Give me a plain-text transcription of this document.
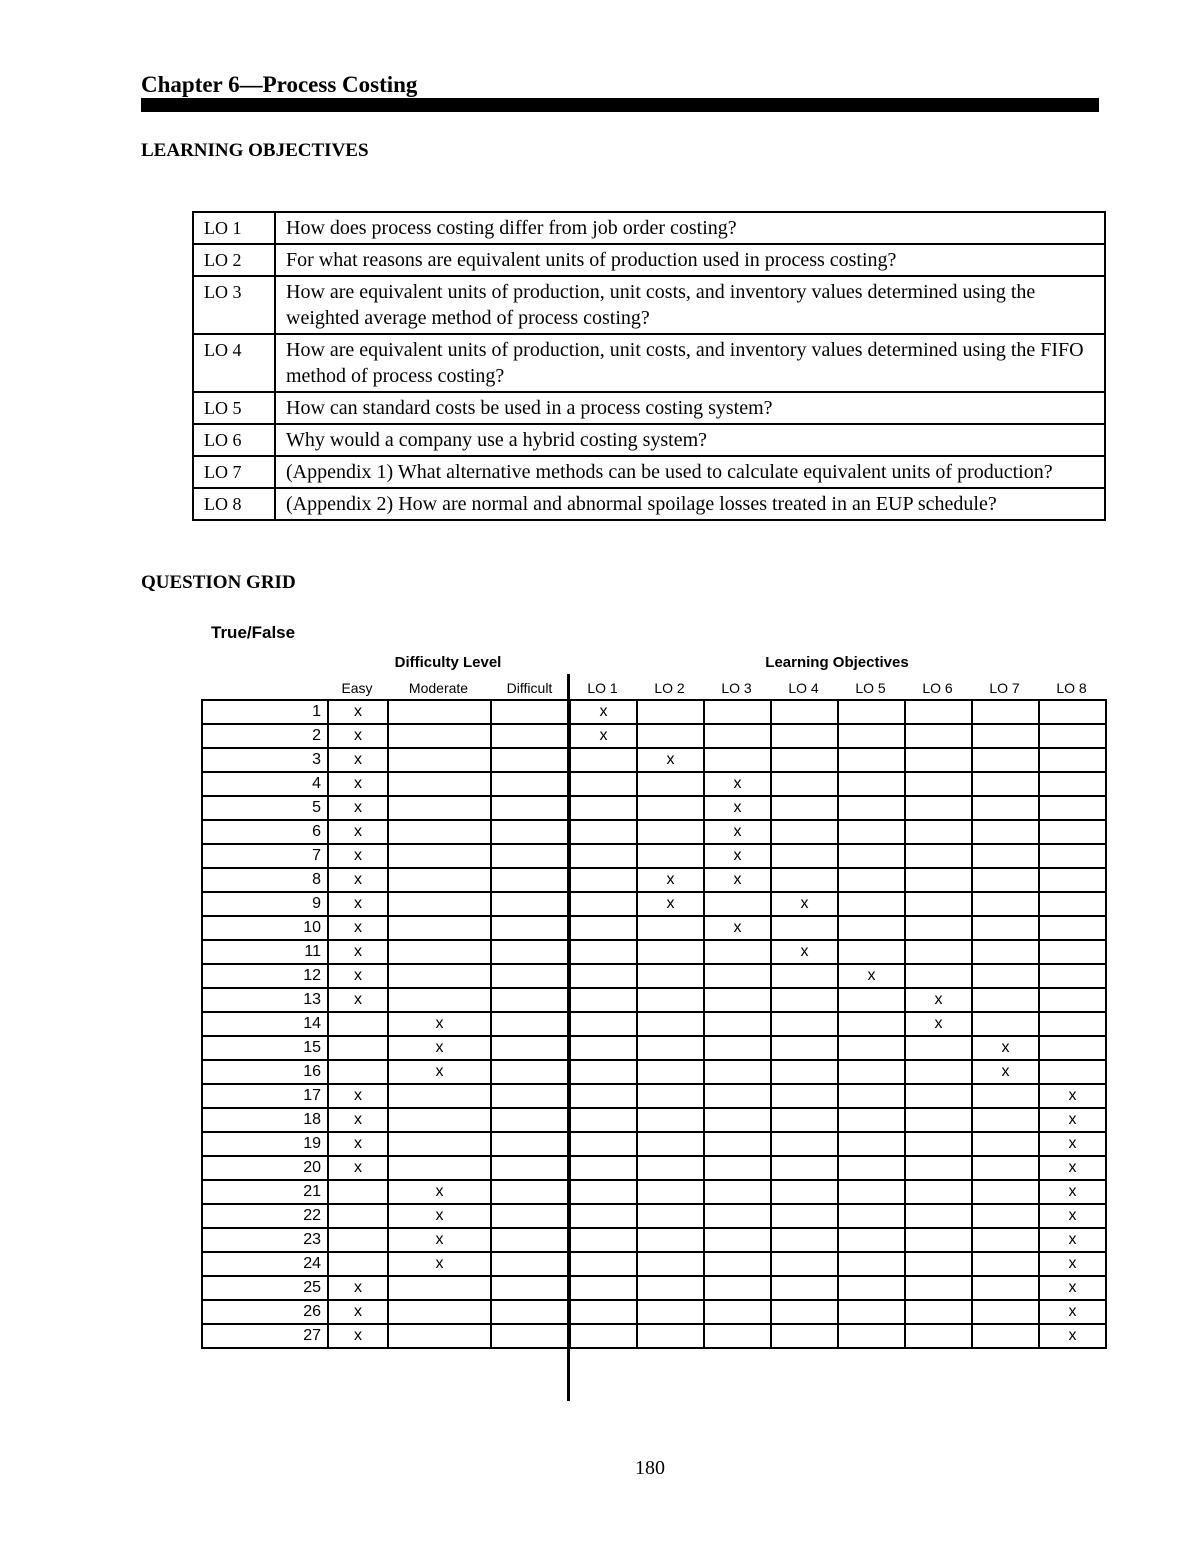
Chapter 6—Process Costing
LEARNING OBJECTIVES
LO 1	How does process costing differ from job order costing?
LO 2	For what reasons are equivalent units of production used in process costing?
LO 3	How are equivalent units of production, unit costs, and inventory values determined using the weighted average method of process costing?
LO 4	How are equivalent units of production, unit costs, and inventory values determined using the FIFO method of process costing?
LO 5	How can standard costs be used in a process costing system?
LO 6	Why would a company use a hybrid costing system?
LO 7	(Appendix 1) What alternative methods can be used to calculate equivalent units of production?
LO 8	(Appendix 2) How are normal and abnormal spoilage losses treated in an EUP schedule?
QUESTION GRID
True/False
Difficulty Level	Learning Objectives
Easy	Moderate	Difficult	LO 1	LO 2	LO 3	LO 4	LO 5	LO 6	LO 7	LO 8
1	x			x							
2	x			x							
3	x				x						
4	x					x					
5	x					x					
6	x					x					
7	x					x					
8	x				x	x					
9	x				x		x				
10	x					x					
11	x						x				
12	x							x			
13	x								x		
14		x							x		
15		x								x	
16		x								x	
17	x										x
18	x										x
19	x										x
20	x										x
21		x									x
22		x									x
23		x									x
24		x									x
25	x										x
26	x										x
27	x										x
180
